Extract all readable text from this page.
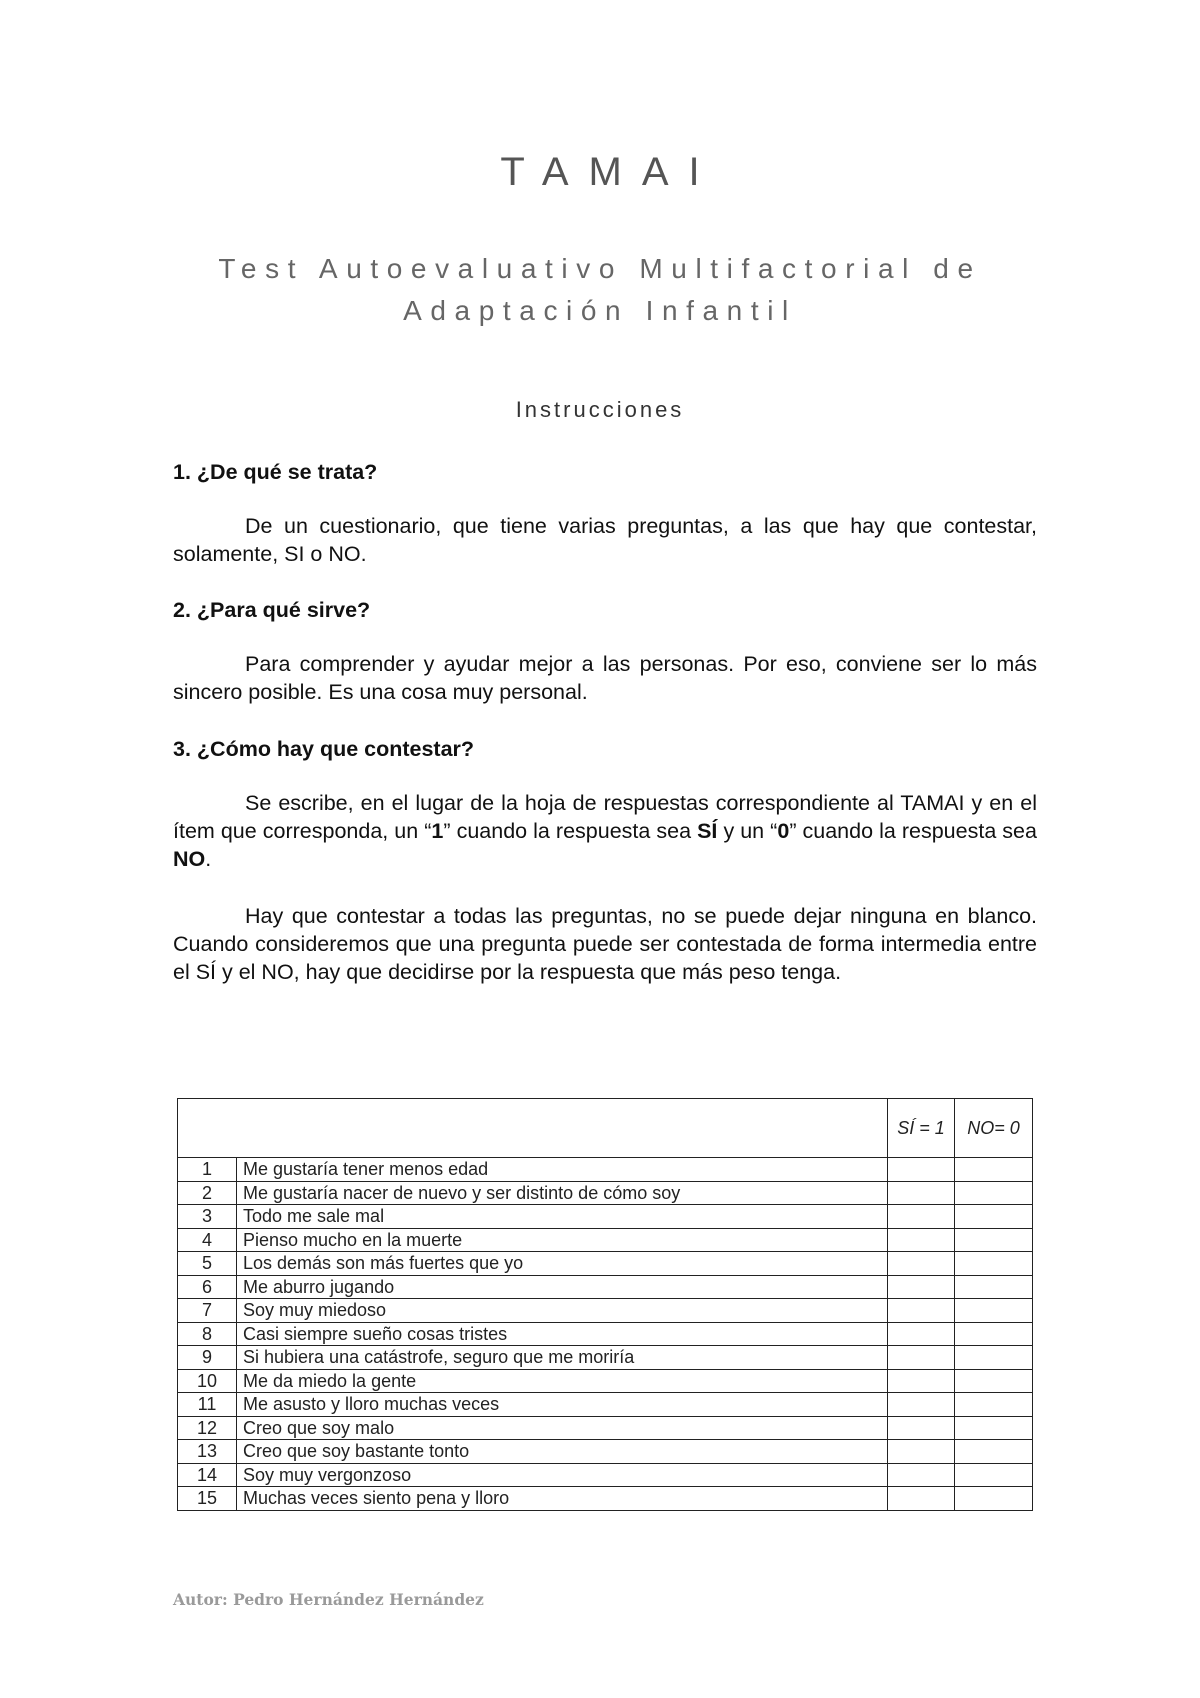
TAMAI
Test Autoevaluativo Multifactorial de
Adaptación Infantil
Instrucciones
1. ¿De qué se trata?
De un cuestionario, que tiene varias preguntas, a las que hay que contestar, solamente, SI o NO.
2. ¿Para qué sirve?
Para comprender y ayudar mejor a las personas. Por eso, conviene ser lo más sincero posible. Es una cosa muy personal.
3. ¿Cómo hay que contestar?
Se escribe, en el lugar de la hoja de respuestas correspondiente al TAMAI y en el ítem que corresponda, un “1” cuando la respuesta sea SÍ y un “0” cuando la respuesta sea NO.
Hay que contestar a todas las preguntas, no se puede dejar ninguna en blanco. Cuando consideremos que una pregunta puede ser contestada de forma intermedia entre el SÍ y el NO, hay que decidirse por la respuesta que más peso tenga.
		SÍ = 1	NO= 0
1	Me gustaría tener menos edad		
2	Me gustaría nacer de nuevo y ser distinto de cómo soy		
3	Todo me sale mal		
4	Pienso mucho en la muerte		
5	Los demás son más fuertes que yo		
6	Me aburro jugando		
7	Soy muy miedoso		
8	Casi siempre sueño cosas tristes		
9	Si hubiera una catástrofe, seguro que me moriría		
10	Me da miedo la gente		
11	Me asusto y lloro muchas veces		
12	Creo que soy malo		
13	Creo que soy bastante tonto		
14	Soy muy vergonzoso		
15	Muchas veces siento pena y lloro		
Autor: Pedro Hernández Hernández
